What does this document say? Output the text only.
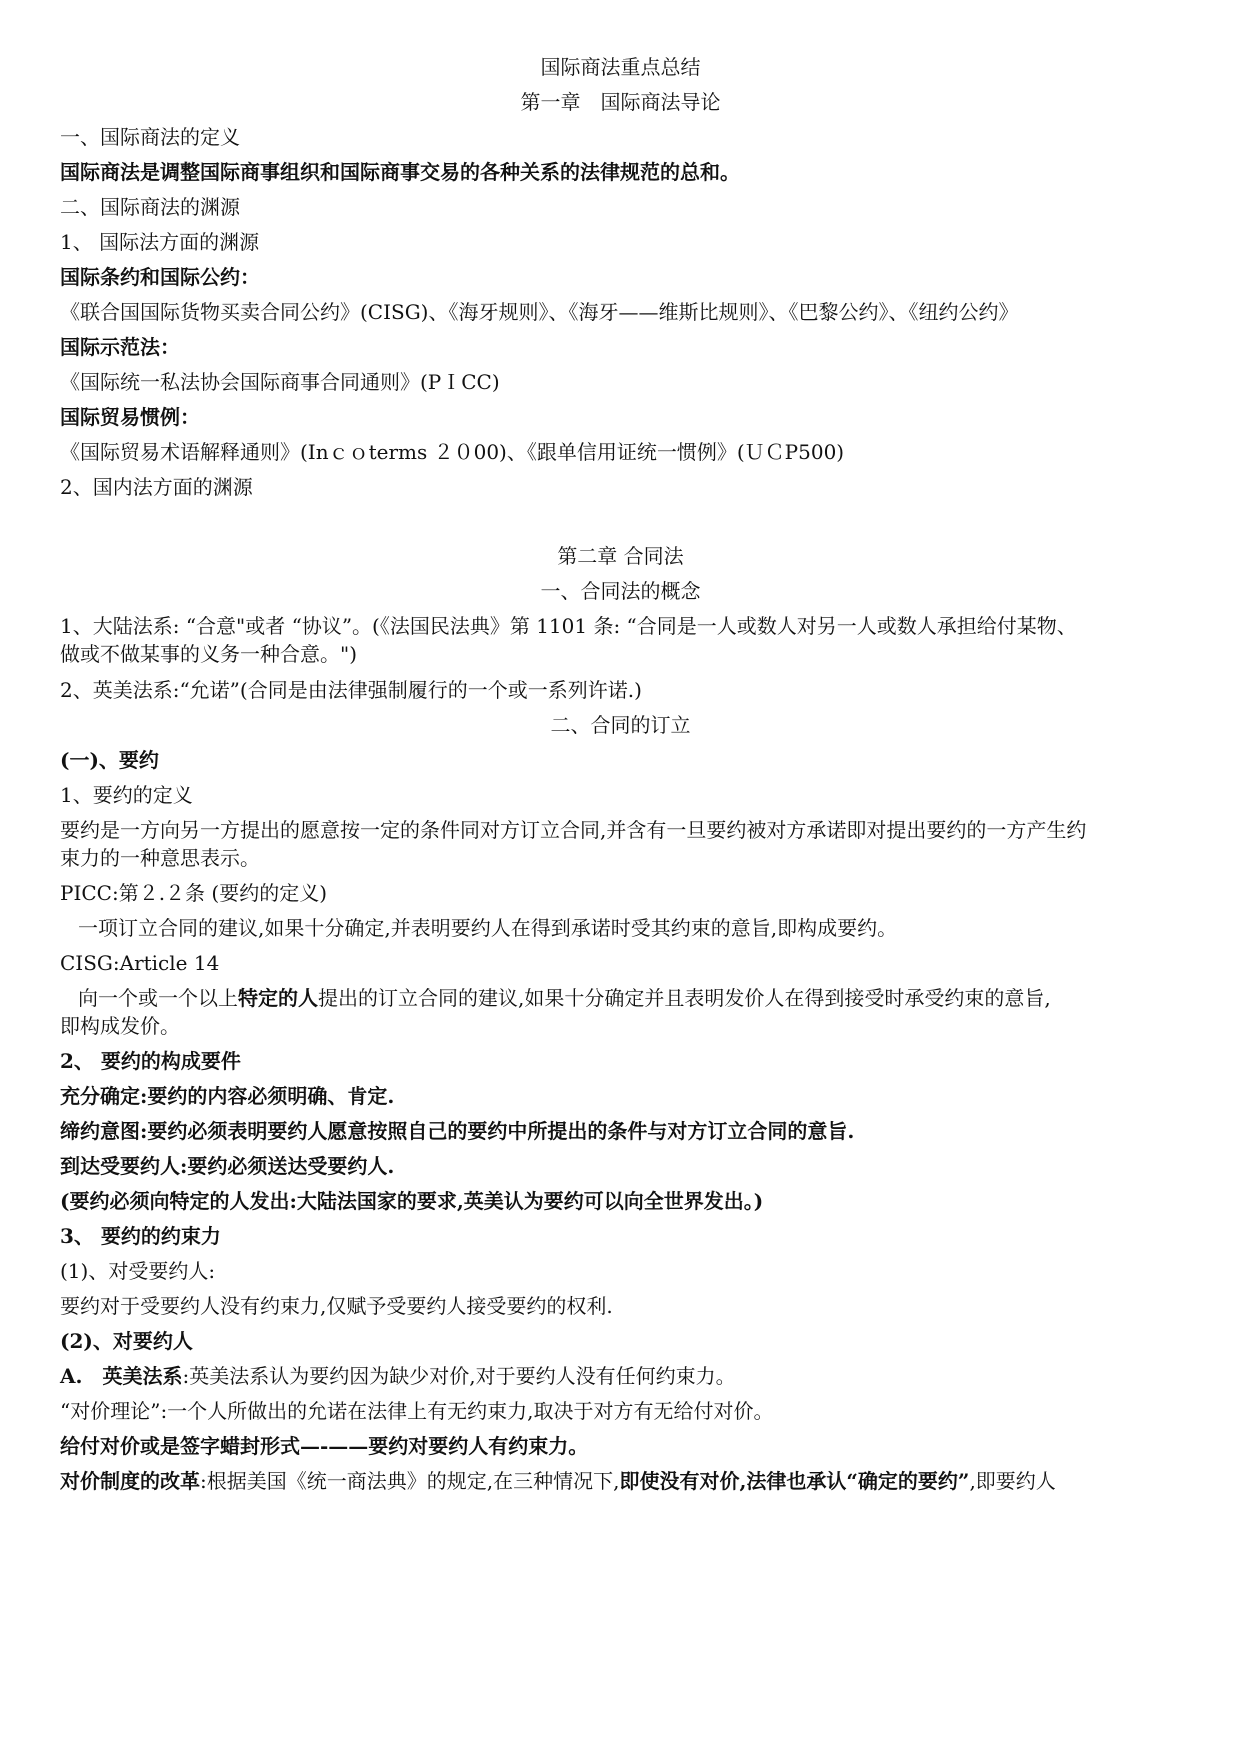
国际商法重点总结
第一章　国际商法导论
一、国际商法的定义
国际商法是调整国际商事组织和国际商事交易的各种关系的法律规范的总和。
二、国际商法的渊源
1、 国际法方面的渊源
国际条约和国际公约：
《联合国国际货物买卖合同公约》(CISG)、《海牙规则》、《海牙——维斯比规则》、《巴黎公约》、《纽约公约》
国际示范法：
《国际统一私法协会国际商事合同通则》(PＩCC)
国际贸易惯例：
《国际贸易术语解释通则》(Inｃｏterms ２０00)、《跟单信用证统一惯例》(ＵＣP500)
2、国内法方面的渊源
第二章 合同法
一、合同法的概念
1、大陆法系: “合意"或者 “协议”。(《法国民法典》第 1101 条: “合同是一人或数人对另一人或数人承担给付某物、
做或不做某事的义务一种合意。")
2、英美法系:“允诺”(合同是由法律强制履行的一个或一系列许诺.)
二、合同的订立
(一)、要约
1、要约的定义
要约是一方向另一方提出的愿意按一定的条件同对方订立合同,并含有一旦要约被对方承诺即对提出要约的一方产生约
束力的一种意思表示。
PICC:第２.２条 (要约的定义)
一项订立合同的建议,如果十分确定,并表明要约人在得到承诺时受其约束的意旨,即构成要约。
CISG:Article 14
向一个或一个以上特定的人提出的订立合同的建议,如果十分确定并且表明发价人在得到接受时承受约束的意旨,
即构成发价。
2、 要约的构成要件
充分确定:要约的内容必须明确、肯定.
缔约意图:要约必须表明要约人愿意按照自己的要约中所提出的条件与对方订立合同的意旨.
到达受要约人:要约必须送达受要约人.
(要约必须向特定的人发出:大陆法国家的要求,英美认为要约可以向全世界发出。)
3、 要约的约束力
(1)、对受要约人:
要约对于受要约人没有约束力,仅赋予受要约人接受要约的权利.
(2)、对要约人
A.　英美法系:英美法系认为要约因为缺少对价,对于要约人没有任何约束力。
“对价理论”:一个人所做出的允诺在法律上有无约束力,取决于对方有无给付对价。
给付对价或是签字蜡封形式—-——要约对要约人有约束力。
对价制度的改革:根据美国《统一商法典》的规定,在三种情况下,即使没有对价,法律也承认“确定的要约”,即要约人
